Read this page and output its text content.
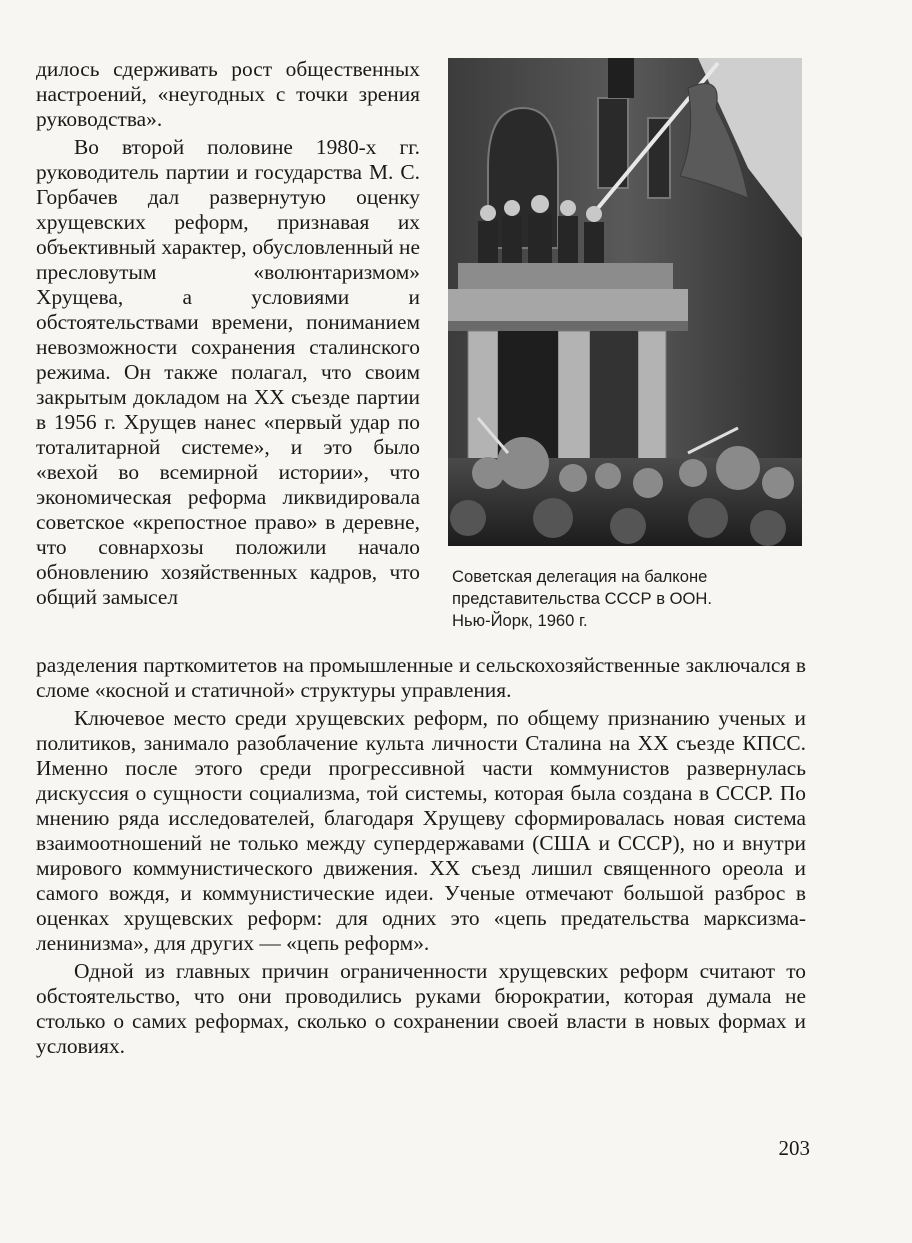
дилось сдерживать рост общественных настроений, «неугодных с точки зрения руководства».

Во второй половине 1980-х гг. руководитель партии и государства М. С. Горбачев дал развернутую оценку хрущевских реформ, признавая их объективный характер, обусловленный не пресловутым «волюнтаризмом» Хрущева, а условиями и обстоятельствами времени, пониманием невозможности сохранения сталинского режима. Он также полагал, что своим закрытым докладом на XX съезде партии в 1956 г. Хрущев нанес «первый удар по тоталитарной системе», и это было «вехой во всемирной истории», что экономическая реформа ликвидировала советское «крепостное право» в деревне, что совнархозы положили начало обновлению хозяйственных кадров, что общий замысел

Советская делегация на балконе
представительства СССР в ООН.
Нью-Йорк, 1960 г.

разделения парткомитетов на промышленные и сельскохозяйственные заключался в сломе «косной и статичной» структуры управления.

Ключевое место среди хрущевских реформ, по общему признанию ученых и политиков, занимало разоблачение культа личности Сталина на XX съезде КПСС. Именно после этого среди прогрессивной части коммунистов развернулась дискуссия о сущности социализма, той системы, которая была создана в СССР. По мнению ряда исследователей, благодаря Хрущеву сформировалась новая система взаимоотношений не только между супердержавами (США и СССР), но и внутри мирового коммунистического движения. XX съезд лишил священного ореола и самого вождя, и коммунистические идеи. Ученые отмечают большой разброс в оценках хрущевских реформ: для одних это «цепь предательства марксизма-ленинизма», для других — «цепь реформ».

Одной из главных причин ограниченности хрущевских реформ считают то обстоятельство, что они проводились руками бюрократии, которая думала не столько о самих реформах, сколько о сохранении своей власти в новых формах и условиях.

203
